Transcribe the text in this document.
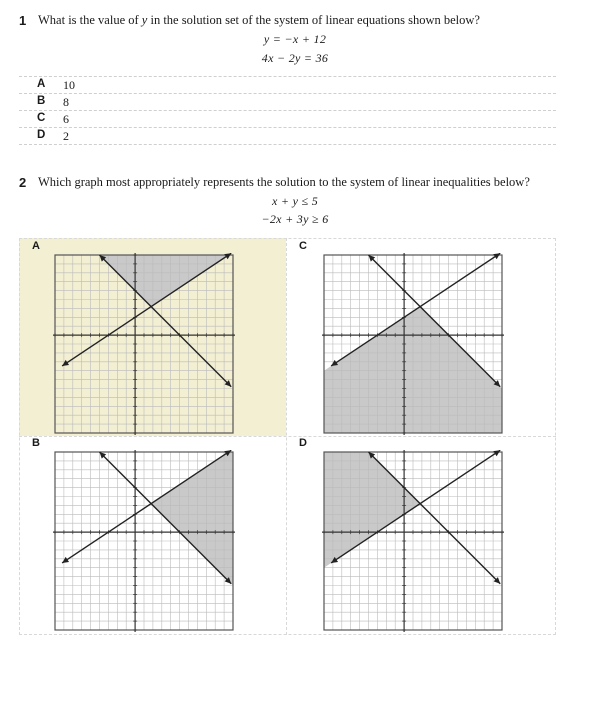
1 What is the value of y in the solution set of the system of linear equations shown below?
y = −x + 12
4x − 2y = 36
A 10
B 8
C 6
D 2
2 Which graph most appropriately represents the solution to the system of linear inequalities below?
x + y ≤ 5
−2x + 3y ≥ 6
A	C
B	D
